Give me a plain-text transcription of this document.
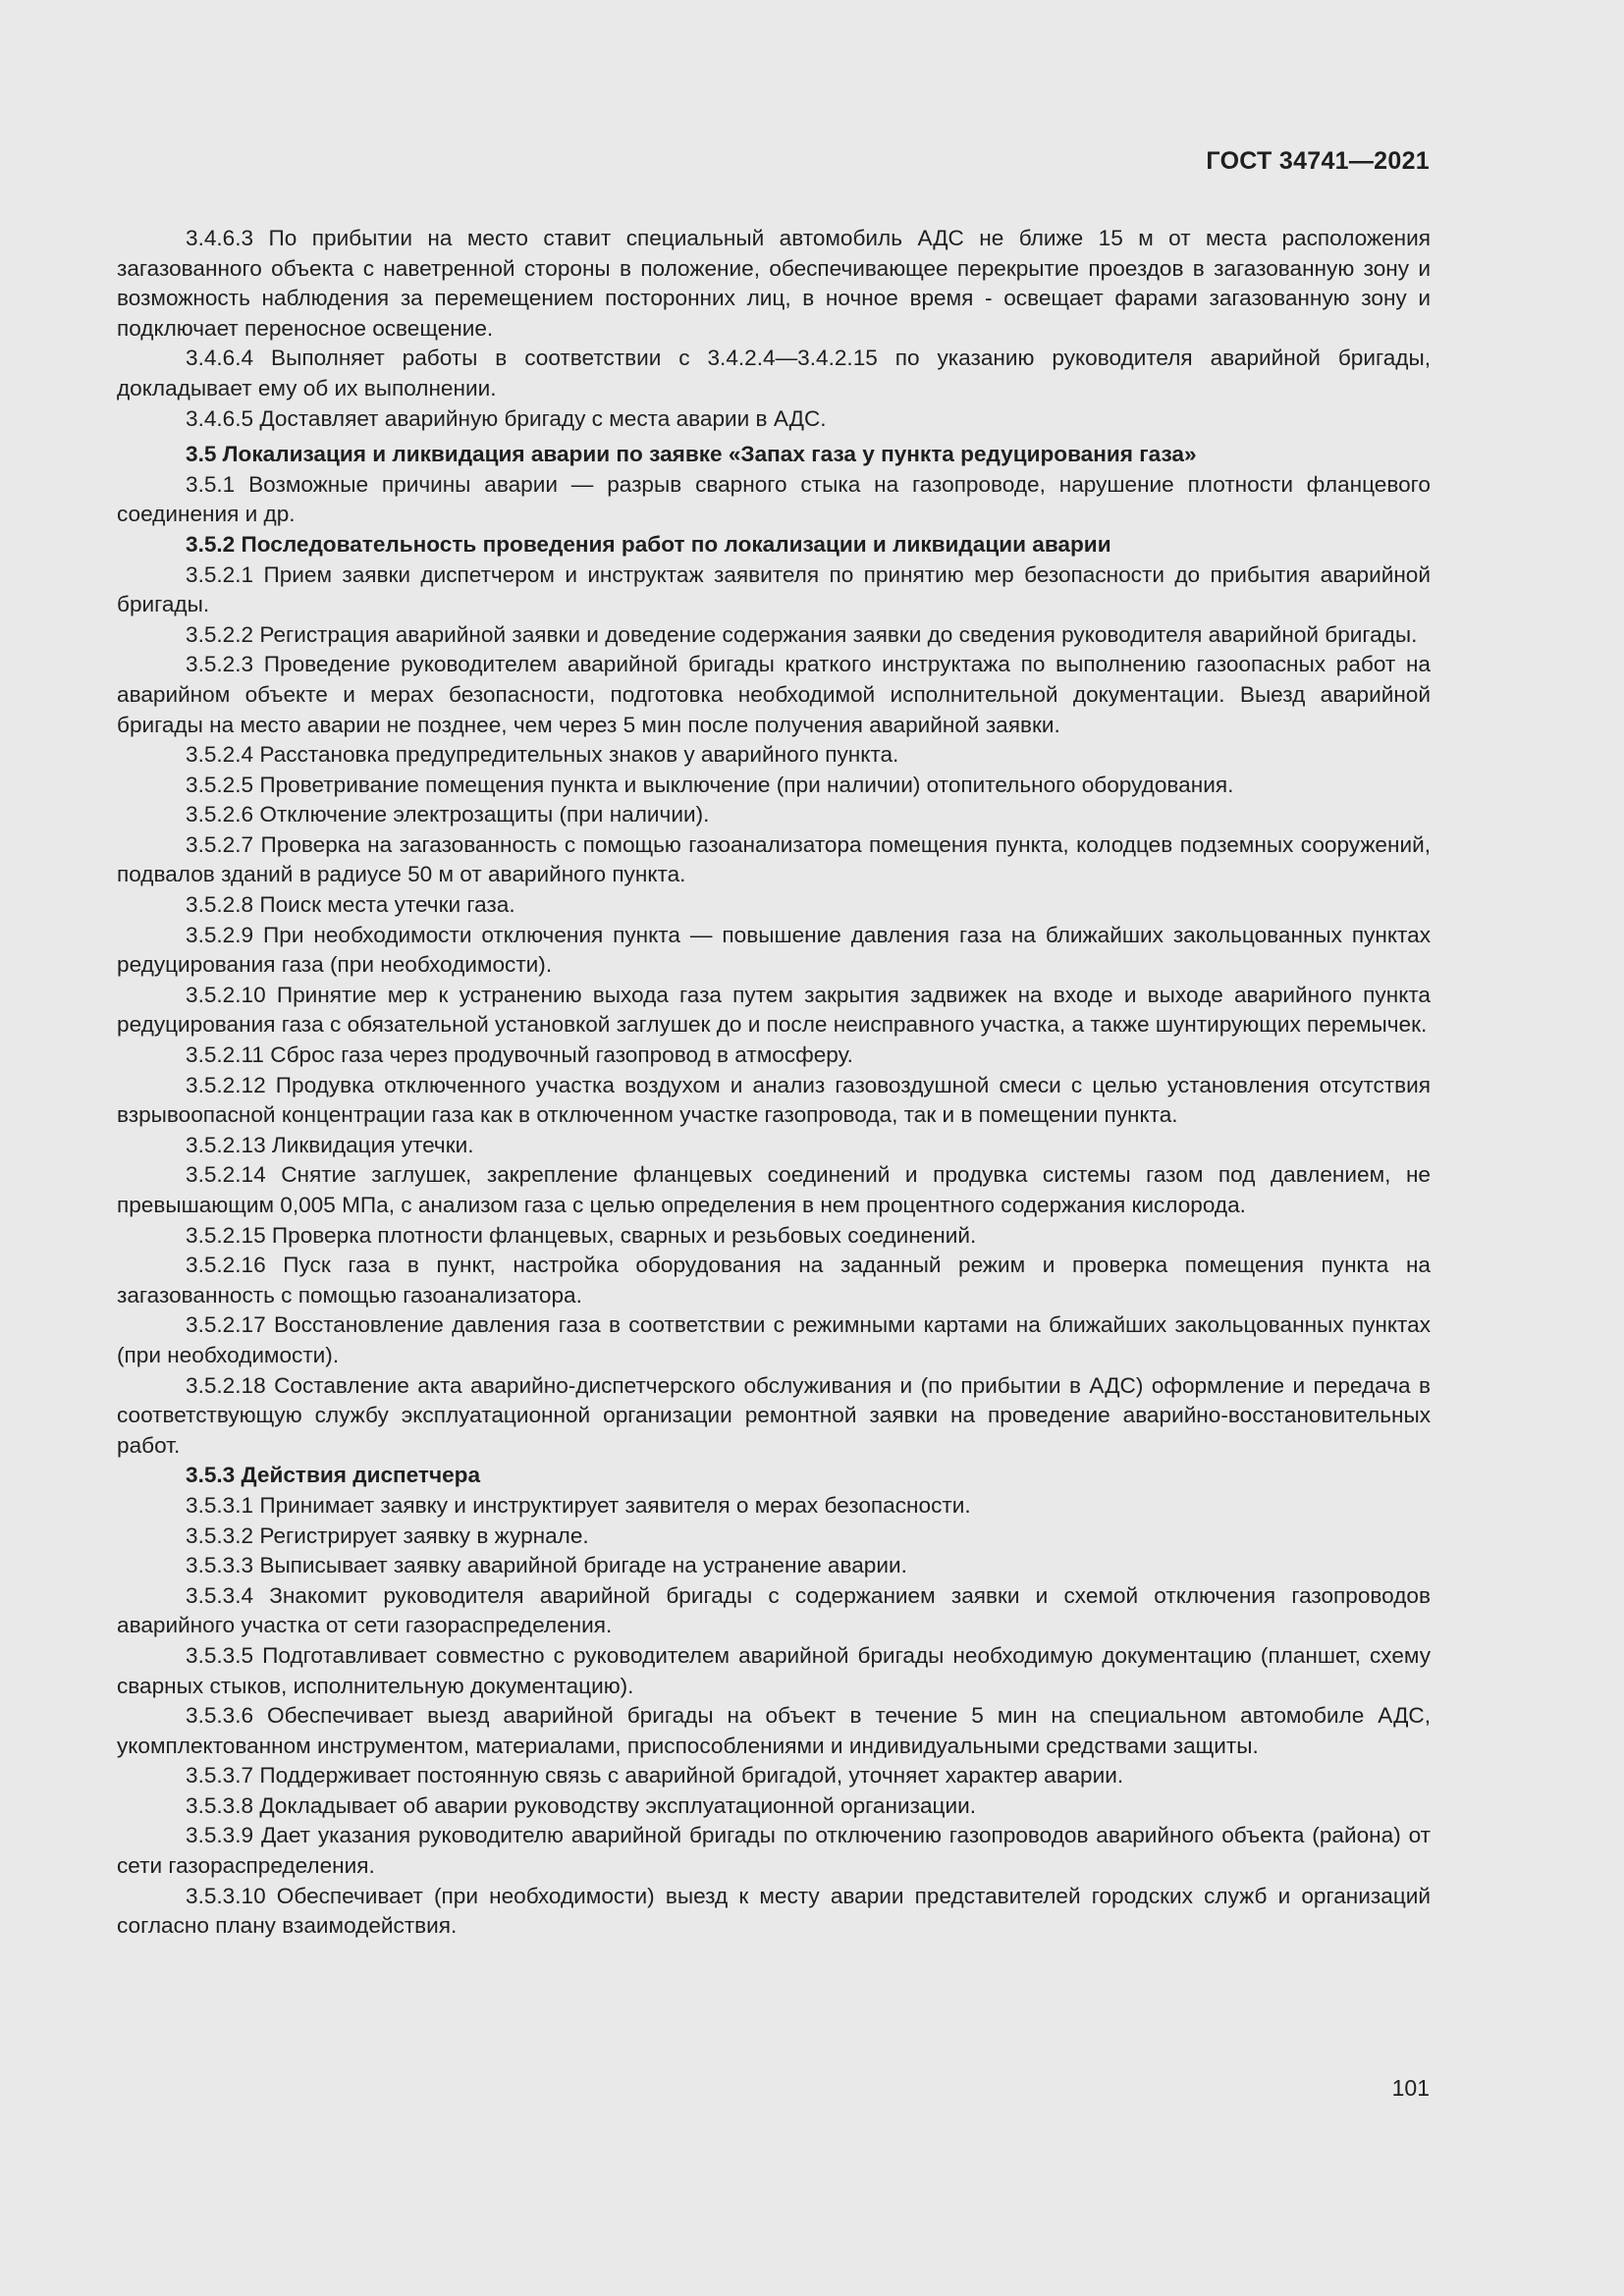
ГОСТ 34741—2021

3.4.6.3 По прибытии на место ставит специальный автомобиль АДС не ближе 15 м от места расположения загазованного объекта с наветренной стороны в положение, обеспечивающее перекрытие проездов в загазованную зону и возможность наблюдения за перемещением посторонних лиц, в ночное время - освещает фарами загазованную зону и подключает переносное освещение.

3.4.6.4 Выполняет работы в соответствии с 3.4.2.4—3.4.2.15 по указанию руководителя аварийной бригады, докладывает ему об их выполнении.

3.4.6.5 Доставляет аварийную бригаду с места аварии в АДС.

3.5 Локализация и ликвидация аварии по заявке «Запах газа у пункта редуцирования газа»

3.5.1 Возможные причины аварии — разрыв сварного стыка на газопроводе, нарушение плотности фланцевого соединения и др.

3.5.2 Последовательность проведения работ по локализации и ликвидации аварии

3.5.2.1 Прием заявки диспетчером и инструктаж заявителя по принятию мер безопасности до прибытия аварийной бригады.

3.5.2.2 Регистрация аварийной заявки и доведение содержания заявки до сведения руководителя аварийной бригады.

3.5.2.3 Проведение руководителем аварийной бригады краткого инструктажа по выполнению газоопасных работ на аварийном объекте и мерах безопасности, подготовка необходимой исполнительной документации. Выезд аварийной бригады на место аварии не позднее, чем через 5 мин после получения аварийной заявки.

3.5.2.4 Расстановка предупредительных знаков у аварийного пункта.

3.5.2.5 Проветривание помещения пункта и выключение (при наличии) отопительного оборудования.

3.5.2.6 Отключение электрозащиты (при наличии).

3.5.2.7 Проверка на загазованность с помощью газоанализатора помещения пункта, колодцев подземных сооружений, подвалов зданий в радиусе 50 м от аварийного пункта.

3.5.2.8 Поиск места утечки газа.

3.5.2.9 При необходимости отключения пункта — повышение давления газа на ближайших закольцованных пунктах редуцирования газа (при необходимости).

3.5.2.10 Принятие мер к устранению выхода газа путем закрытия задвижек на входе и выходе аварийного пункта редуцирования газа с обязательной установкой заглушек до и после неисправного участка, а также шунтирующих перемычек.

3.5.2.11 Сброс газа через продувочный газопровод в атмосферу.

3.5.2.12 Продувка отключенного участка воздухом и анализ газовоздушной смеси с целью установления отсутствия взрывоопасной концентрации газа как в отключенном участке газопровода, так и в помещении пункта.

3.5.2.13 Ликвидация утечки.

3.5.2.14 Снятие заглушек, закрепление фланцевых соединений и продувка системы газом под давлением, не превышающим 0,005 МПа, с анализом газа с целью определения в нем процентного содержания кислорода.

3.5.2.15 Проверка плотности фланцевых, сварных и резьбовых соединений.

3.5.2.16 Пуск газа в пункт, настройка оборудования на заданный режим и проверка помещения пункта на загазованность с помощью газоанализатора.

3.5.2.17 Восстановление давления газа в соответствии с режимными картами на ближайших закольцованных пунктах (при необходимости).

3.5.2.18 Составление акта аварийно-диспетчерского обслуживания и (по прибытии в АДС) оформление и передача в соответствующую службу эксплуатационной организации ремонтной заявки на проведение аварийно-восстановительных работ.

3.5.3 Действия диспетчера

3.5.3.1 Принимает заявку и инструктирует заявителя о мерах безопасности.

3.5.3.2 Регистрирует заявку в журнале.

3.5.3.3 Выписывает заявку аварийной бригаде на устранение аварии.

3.5.3.4 Знакомит руководителя аварийной бригады с содержанием заявки и схемой отключения газопроводов аварийного участка от сети газораспределения.

3.5.3.5 Подготавливает совместно с руководителем аварийной бригады необходимую документацию (планшет, схему сварных стыков, исполнительную документацию).

3.5.3.6 Обеспечивает выезд аварийной бригады на объект в течение 5 мин на специальном автомобиле АДС, укомплектованном инструментом, материалами, приспособлениями и индивидуальными средствами защиты.

3.5.3.7 Поддерживает постоянную связь с аварийной бригадой, уточняет характер аварии.

3.5.3.8 Докладывает об аварии руководству эксплуатационной организации.

3.5.3.9 Дает указания руководителю аварийной бригады по отключению газопроводов аварийного объекта (района) от сети газораспределения.

3.5.3.10 Обеспечивает (при необходимости) выезд к месту аварии представителей городских служб и организаций согласно плану взаимодействия.

101
